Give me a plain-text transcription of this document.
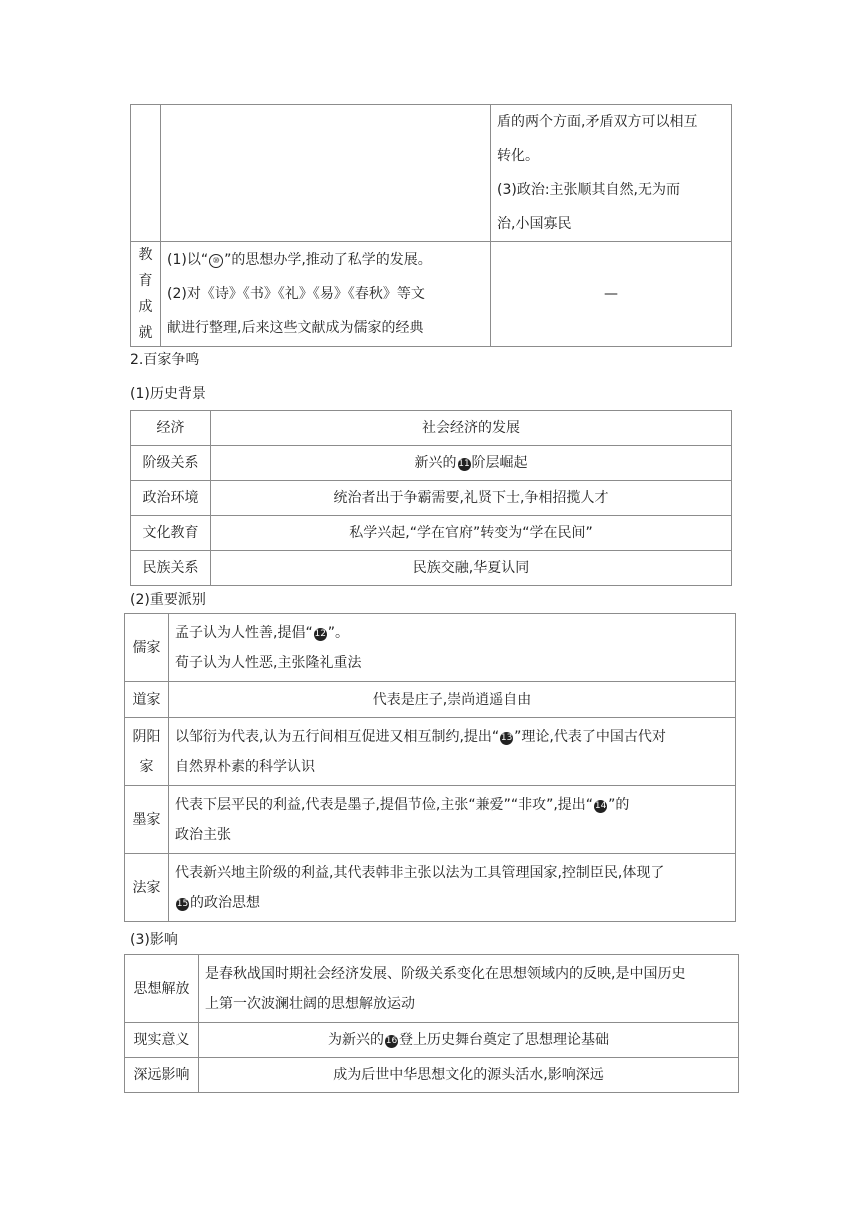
		盾的两个方面,矛盾双方可以相互
转化。
(3)政治:主张顺其自然,无为而
治,小国寡民

教育
成就	(1)以“ ⑩ ”的思想办学,推动了私学的发展。
(2)对《诗》《书》《礼》《易》《春秋》等文
献进行整理,后来这些文献成为儒家的经典	—
2.百家争鸣
(1)历史背景
经济	社会经济的发展
阶级关系	新兴的 11 阶层崛起
政治环境	统治者出于争霸需要,礼贤下士,争相招揽人才
文化教育	私学兴起,“学在官府”转变为“学在民间”
民族关系	民族交融,华夏认同
(2)重要派别
儒家	孟子认为人性善,提倡“ 12 ”。
荀子认为人性恶,主张隆礼重法

道家	代表是庄子,崇尚逍遥自由

阴阳
家	以邹衍为代表,认为五行间相互促进又相互制约,提出“ 13 ”理论,代表了中国古代对
自然界朴素的科学认识

墨家	代表下层平民的利益,代表是墨子,提倡节俭,主张“兼爱”“非攻”,提出“ 14 ”的
政治主张

法家	代表新兴地主阶级的利益,其代表韩非主张以法为工具管理国家,控制臣民,体现了
15 的政治思想
(3)影响
思想解放	是春秋战国时期社会经济发展、阶级关系变化在思想领域内的反映,是中国历史
上第一次波澜壮阔的思想解放运动

现实意义	为新兴的 16 登上历史舞台奠定了思想理论基础
深远影响	成为后世中华思想文化的源头活水,影响深远
